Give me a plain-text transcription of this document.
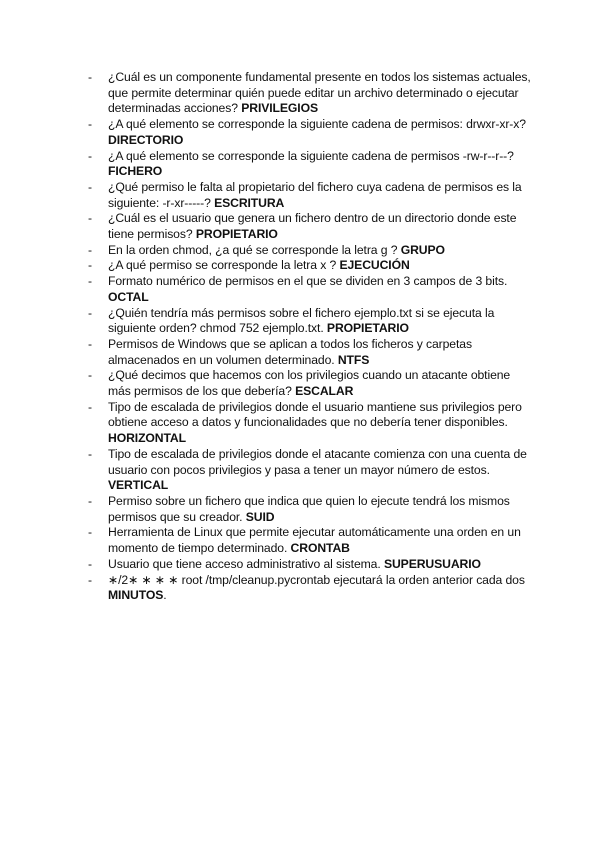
- ¿Cuál es un componente fundamental presente en todos los sistemas actuales, que permite determinar quién puede editar un archivo determinado o ejecutar determinadas acciones? PRIVILEGIOS
- ¿A qué elemento se corresponde la siguiente cadena de permisos: drwxr-xr-x? DIRECTORIO
- ¿A qué elemento se corresponde la siguiente cadena de permisos -rw-r--r--? FICHERO
- ¿Qué permiso le falta al propietario del fichero cuya cadena de permisos es la siguiente: -r-xr-----? ESCRITURA
- ¿Cuál es el usuario que genera un fichero dentro de un directorio donde este tiene permisos? PROPIETARIO
- En la orden chmod, ¿a qué se corresponde la letra g ? GRUPO
- ¿A qué permiso se corresponde la letra x ? EJECUCIÓN
- Formato numérico de permisos en el que se dividen en 3 campos de 3 bits. OCTAL
- ¿Quién tendría más permisos sobre el fichero ejemplo.txt si se ejecuta la siguiente orden? chmod 752 ejemplo.txt. PROPIETARIO
- Permisos de Windows que se aplican a todos los ficheros y carpetas almacenados en un volumen determinado. NTFS
- ¿Qué decimos que hacemos con los privilegios cuando un atacante obtiene más permisos de los que debería? ESCALAR
- Tipo de escalada de privilegios donde el usuario mantiene sus privilegios pero obtiene acceso a datos y funcionalidades que no debería tener disponibles. HORIZONTAL
- Tipo de escalada de privilegios donde el atacante comienza con una cuenta de usuario con pocos privilegios y pasa a tener un mayor número de estos. VERTICAL
- Permiso sobre un fichero que indica que quien lo ejecute tendrá los mismos permisos que su creador. SUID
- Herramienta de Linux que permite ejecutar automáticamente una orden en un momento de tiempo determinado. CRONTAB
- Usuario que tiene acceso administrativo al sistema. SUPERUSUARIO
- ∗/2∗ ∗ ∗ ∗ root /tmp/cleanup.pycrontab ejecutará la orden anterior cada dos MINUTOS.
